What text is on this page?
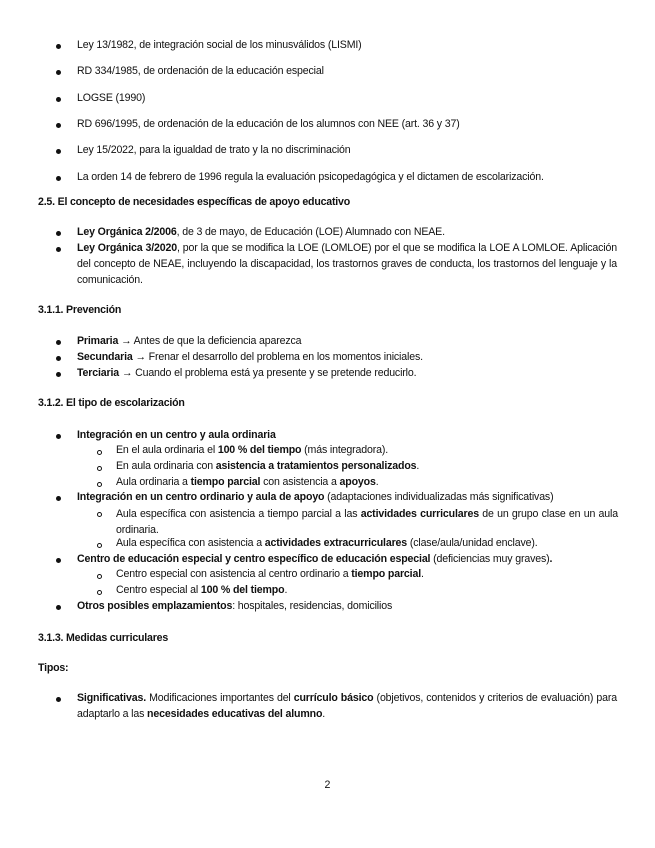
Ley 13/1982, de integración social de los minusválidos (LISMI)
RD 334/1985, de ordenación de la educación especial
LOGSE (1990)
RD 696/1995, de ordenación de la educación de los alumnos con NEE (art. 36 y 37)
Ley 15/2022, para la igualdad de trato y la no discriminación
La orden 14 de febrero de 1996 regula la evaluación psicopedagógica y el dictamen de escolarización.
2.5. El concepto de necesidades específicas de apoyo educativo
Ley Orgánica 2/2006, de 3 de mayo, de Educación (LOE) Alumnado con NEAE.
Ley Orgánica 3/2020, por la que se modifica la LOE (LOMLOE) por el que se modifica la LOE A LOMLOE. Aplicación del concepto de NEAE, incluyendo la discapacidad, los trastornos graves de conducta, los trastornos del lenguaje y la comunicación.
3.1.1. Prevención
Primaria → Antes de que la deficiencia aparezca
Secundaria → Frenar el desarrollo del problema en los momentos iniciales.
Terciaria → Cuando el problema está ya presente y se pretende reducirlo.
3.1.2. El tipo de escolarización
Integración en un centro y aula ordinaria
En el aula ordinaria el 100 % del tiempo (más integradora).
En aula ordinaria con asistencia a tratamientos personalizados.
Aula ordinaria a tiempo parcial con asistencia a apoyos.
Integración en un centro ordinario y aula de apoyo (adaptaciones individualizadas más significativas)
Aula específica con asistencia a tiempo parcial a las actividades curriculares de un grupo clase en un aula ordinaria.
Aula específica con asistencia a actividades extracurriculares (clase/aula/unidad enclave).
Centro de educación especial y centro específico de educación especial (deficiencias muy graves).
Centro especial con asistencia al centro ordinario a tiempo parcial.
Centro especial al 100 % del tiempo.
Otros posibles emplazamientos: hospitales, residencias, domicilios
3.1.3. Medidas curriculares
Tipos:
Significativas. Modificaciones importantes del currículo básico (objetivos, contenidos y criterios de evaluación) para adaptarlo a las necesidades educativas del alumno.
2
